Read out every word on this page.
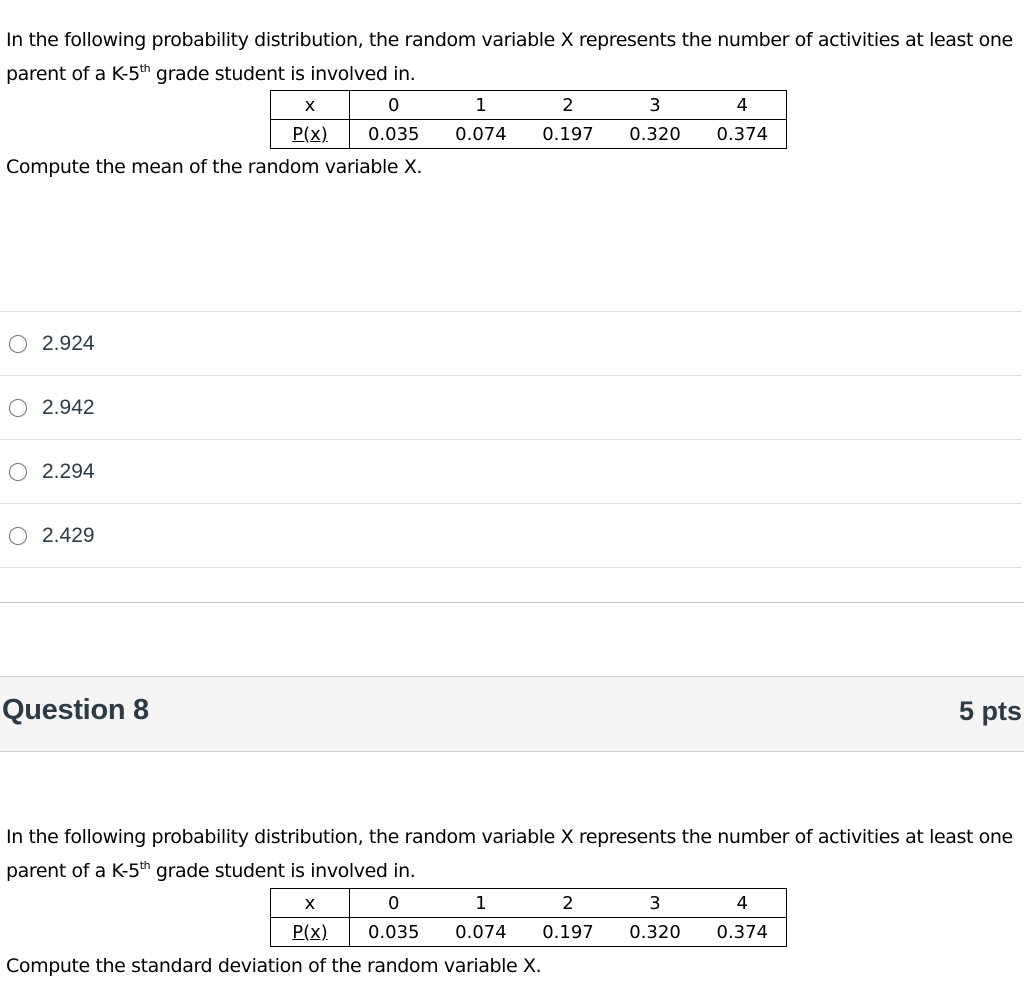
In the following probability distribution, the random variable X represents the number of activities at least one parent of a K-5th grade student is involved in.
x	0	1	2	3	4
P(x)	0.035	0.074	0.197	0.320	0.374
Compute the mean of the random variable X.
2.924
2.942
2.294
2.429
Question 8	5 pts
In the following probability distribution, the random variable X represents the number of activities at least one parent of a K-5th grade student is involved in.
x	0	1	2	3	4
P(x)	0.035	0.074	0.197	0.320	0.374
Compute the standard deviation of the random variable X.
